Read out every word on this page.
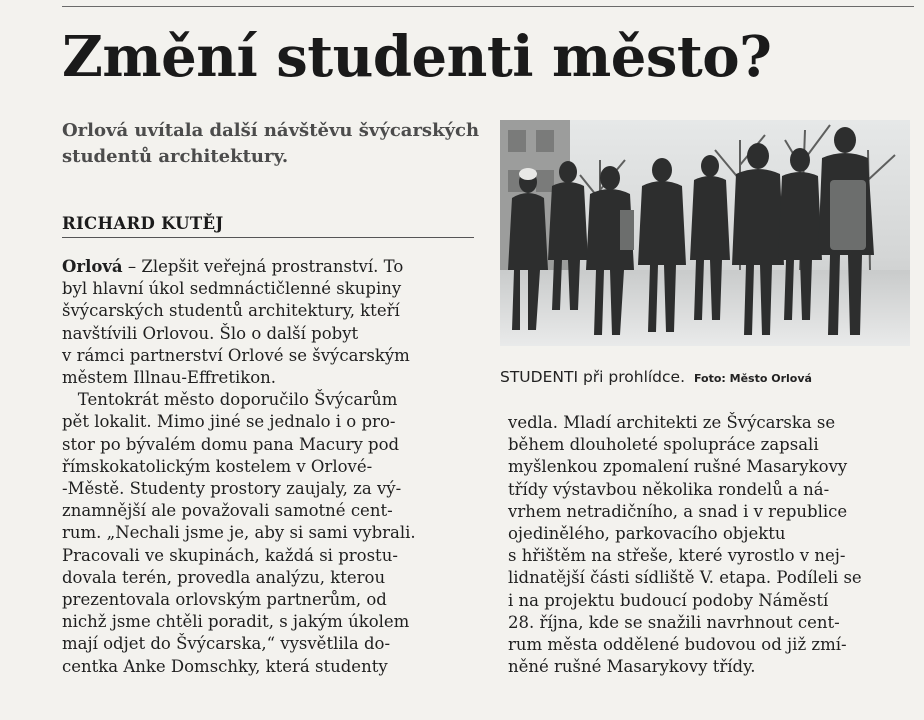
Změní studenti město?
Orlová uvítala další návštěvu švýcarských studentů architektury.
RICHARD KUTĚJ

Orlová – Zlepšit veřejná prostranství. To

byl hlavní úkol sedmnáctičlenné skupiny

švýcarských studentů architektury, kteří

navštívili Orlovou. Šlo o další pobyt

v rámci partnerství Orlové se švýcarským

městem Illnau-Effretikon.

Tentokrát město doporučilo Švýcarům

pět lokalit. Mimo jiné se jednalo i o pro-

stor po bývalém domu pana Macury pod

římskokatolickým kostelem v Orlové-

-Městě. Studenty prostory zaujaly, za vý-

znamnější ale považovali samotné cent-

rum. „Nechali jsme je, aby si sami vybrali.

Pracovali ve skupinách, každá si prostu-

dovala terén, provedla analýzu, kterou

prezentovala orlovským partnerům, od

nichž jsme chtěli poradit, s jakým úkolem

mají odjet do Švýcarska,“ vysvětlila do-

centka Anke Domschky, která studenty

STUDENTI při prohlídce. Foto: Město Orlová

vedla. Mladí architekti ze Švýcarska se

během dlouholeté spolupráce zapsali

myšlenkou zpomalení rušné Masarykovy

třídy výstavbou několika rondelů a ná-

vrhem netradičního, a snad i v republice

ojedinělého, parkovacího objektu

s hřištěm na střeše, které vyrostlo v nej-

lidnatější části sídliště V. etapa. Podíleli se

i na projektu budoucí podoby Náměstí

28. října, kde se snažili navrhnout cent-

rum města oddělené budovou od již zmí-

něné rušné Masarykovy třídy.
